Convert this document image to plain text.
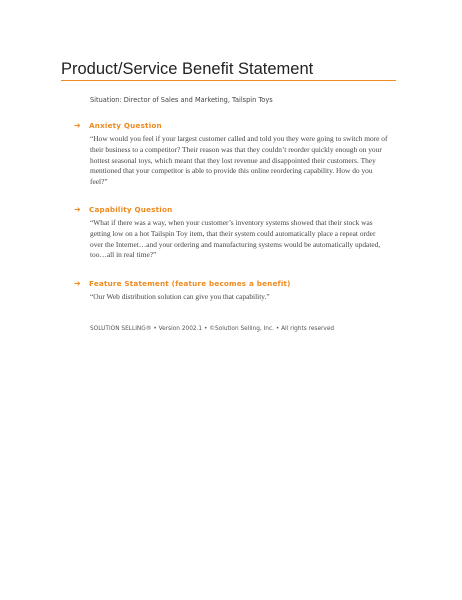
Product/Service Benefit Statement
Situation: Director of Sales and Marketing, Tailspin Toys
➔	Anxiety Question

“How would you feel if your largest customer called and told you they were going to switch more of their business to a competitor? Their reason was that they couldn’t reorder quickly enough on your hottest seasonal toys, which meant that they lost revenue and disappointed their customers. They mentioned that your competitor is able to provide this online reordering capability. How do you feel?”

➔	Capability Question

“What if there was a way, when your customer’s inventory systems showed that their stock was getting low on a hot Tailspin Toy item, that their system could automatically place a repeat order over the Internet…and your ordering and manufacturing systems would be automatically updated, too…all in real time?”

➔	Feature Statement (feature becomes a benefit)

“Our Web distribution solution can give you that capability.”

SOLUTION SELLING® • Version 2002.1 • ©Solution Selling, Inc. • All rights reserved
